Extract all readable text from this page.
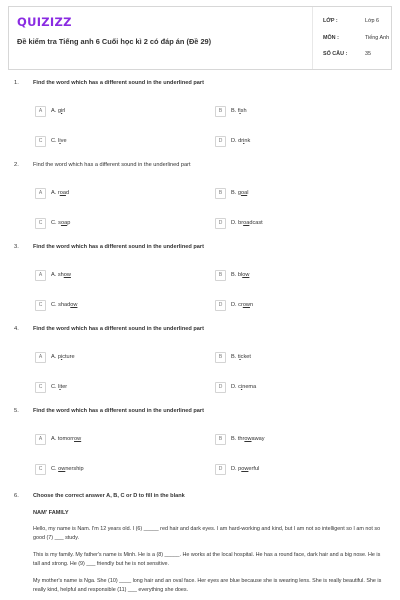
QUIZIZZ
Đề kiểm tra Tiếng anh 6 Cuối học kì 2 có đáp án (Đề 29)
LỚP :	Lớp 6
MÔN :	Tiếng Anh
SỐ CÂU :	35
1.	Find the word which has a different sound in the underlined part
A	A. girl	B	B. fish
C	C. live	D	D. drink
2.	Find the word which has a different sound in the underlined part
A	A. road	B	B. goal
C	C. soap	D	D. broadcast
3.	Find the word which has a different sound in the underlined part
A	A. show	B	B. blow
C	C. shadow	D	D. crown
4.	Find the word which has a different sound in the underlined part
A	A. picture	B	B. ticket
C	C. liter	D	D. cinema
5.	Find the word which has a different sound in the underlined part
A	A. tomorrow	B	B. throwaway
C	C. ownership	D	D. powerful
6.	Choose the correct answer A, B, C or D to fill in the blank
NAM' FAMILY
Hello, my name is Nam. I'm 12 years old. I (6) _____ red hair and dark eyes. I am hard-working and kind, but I am not so intelligent so I am not so good (7) ___ study.
This is my family. My father's name is Minh. He is a (8) _____. He works at the local hospital. He has a round face, dark hair and a big nose. He is tall and strong. He (9) ___ friendly but he is not sensitive.
My mother's name is Nga. She (10) ____ long hair and an oval face. Her eyes are blue because she is wearing lens. She is really beautiful. She is really kind, helpful and responsible (11) ___ everything she does.
